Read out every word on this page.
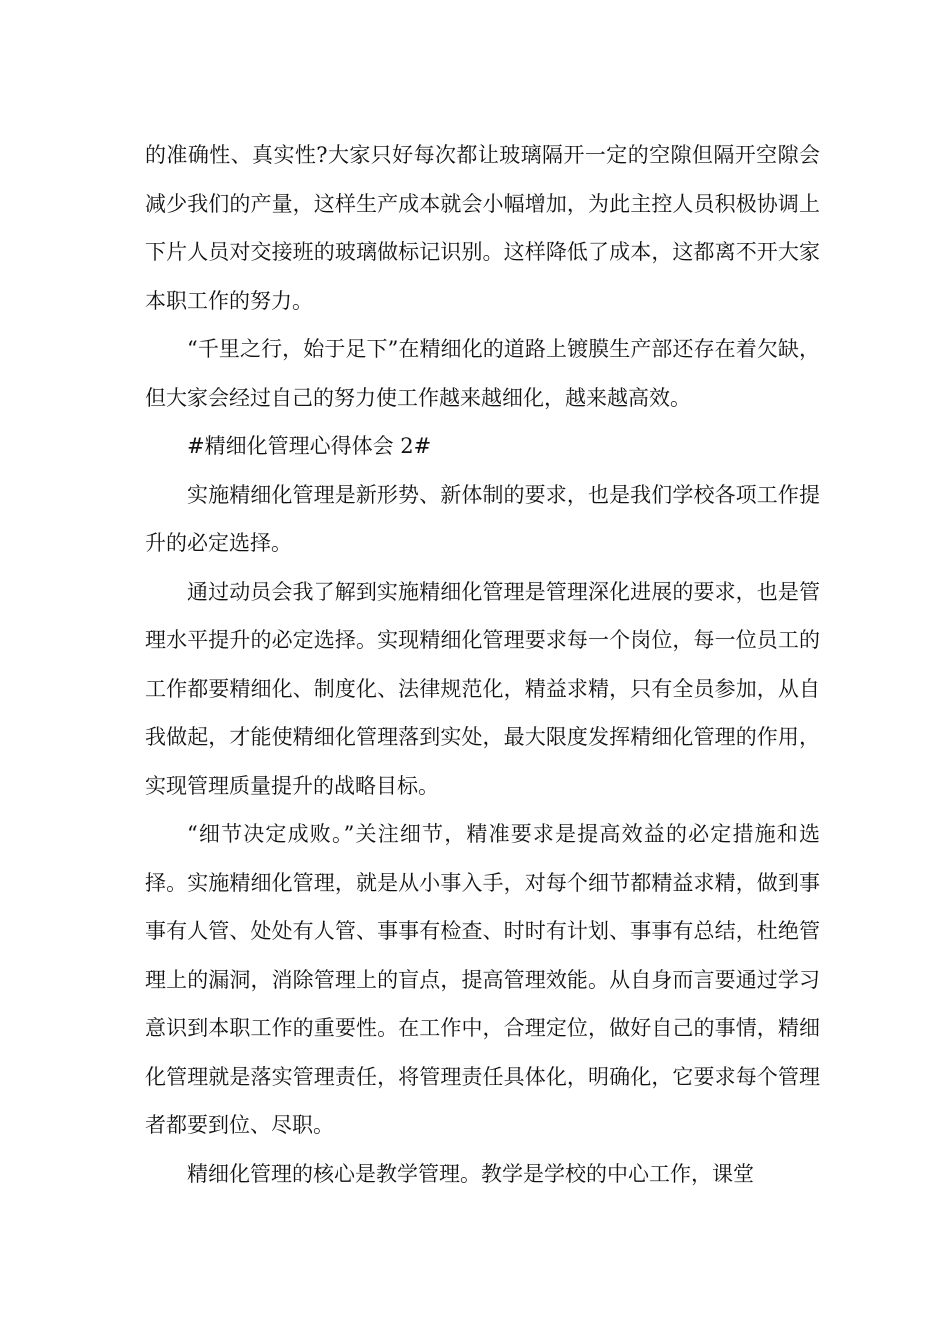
的准确性、真实性?大家只好每次都让玻璃隔开一定的空隙但隔开空隙会减少我们的产量，这样生产成本就会小幅增加，为此主控人员积极协调上下片人员对交接班的玻璃做标记识别。这样降低了成本，这都离不开大家本职工作的努力。

“千里之行，始于足下”在精细化的道路上镀膜生产部还存在着欠缺，但大家会经过自己的努力使工作越来越细化，越来越高效。

#精细化管理心得体会 2#

实施精细化管理是新形势、新体制的要求，也是我们学校各项工作提升的必定选择。

通过动员会我了解到实施精细化管理是管理深化进展的要求，也是管理水平提升的必定选择。实现精细化管理要求每一个岗位，每一位员工的工作都要精细化、制度化、法律规范化，精益求精，只有全员参加，从自我做起，才能使精细化管理落到实处，最大限度发挥精细化管理的作用，实现管理质量提升的战略目标。

“细节决定成败。”关注细节，精准要求是提高效益的必定措施和选择。实施精细化管理，就是从小事入手，对每个细节都精益求精，做到事事有人管、处处有人管、事事有检查、时时有计划、事事有总结，杜绝管理上的漏洞，消除管理上的盲点，提高管理效能。从自身而言要通过学习意识到本职工作的重要性。在工作中，合理定位，做好自己的事情，精细化管理就是落实管理责任，将管理责任具体化，明确化，它要求每个管理者都要到位、尽职。

精细化管理的核心是教学管理。教学是学校的中心工作，课堂
